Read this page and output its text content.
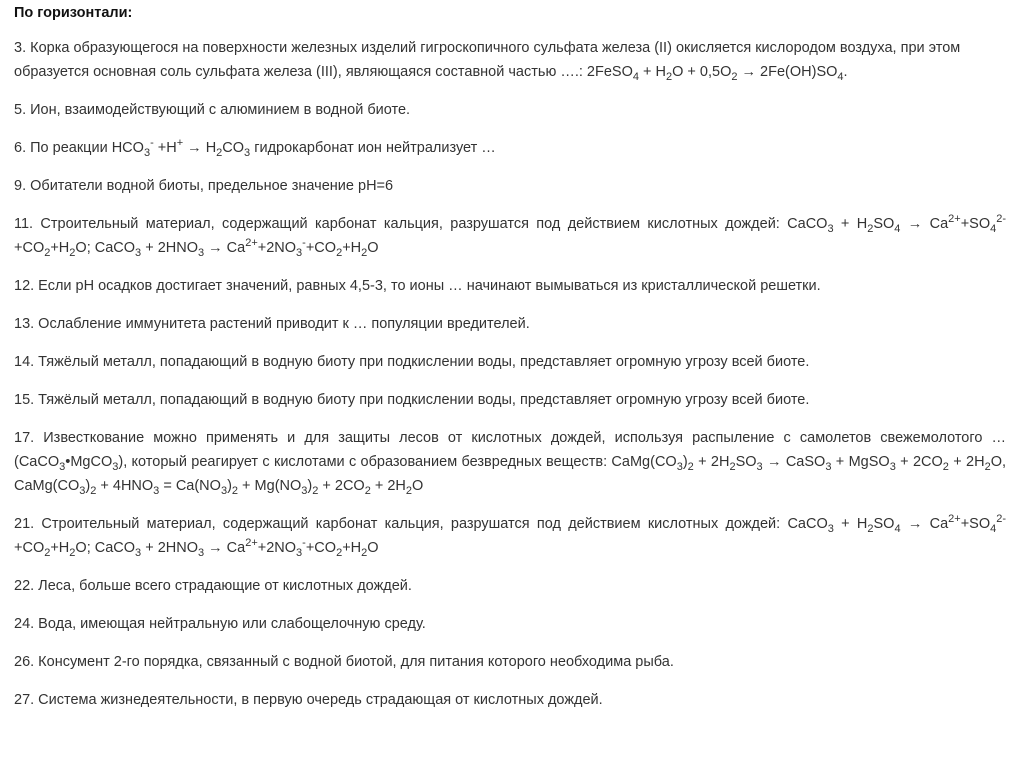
По горизонтали:

3. Корка образующегося на поверхности железных изделий гигроскопичного сульфата железа (II) окисляется кислородом воздуха, при этом образуется основная соль сульфата железа (III), являющаяся составной частью ….: 2FeSO$_4$ + $H_2O + 0,5O_2 \to 2Fe(OH)SO_4$.

5. Ион, взаимодействующий с алюминием в водной биоте.

6. По реакции $HCO_3^- +H^+ \to H_2CO_3$ гидрокарбонат ион нейтрализует …

9. Обитатели водной биоты, предельное значение pH=6

11. Строительный материал, содержащий карбонат кальция, разрушатся под действием кислотных дождей: CaCO$_3$ + $H_2SO_4 \to Ca^{2+}+SO_4^{2-}+CO_2+H_2O$; CaCO$_3$ + $2HNO_3 \to Ca^{2+}+2NO_3^-+CO_2+H_2O$

12. Если pH осадков достигает значений, равных 4,5-3, то ионы … начинают вымываться из кристаллической решетки.

13. Ослабление иммунитета растений приводит к … популяции вредителей.

14. Тяжёлый металл, попадающий в водную биоту при подкислении воды, представляет огромную угрозу всей биоте.

15. Тяжёлый металл, попадающий в водную биоту при подкислении воды, представляет огромную угрозу всей биоте.

17. Известкование можно применять и для защиты лесов от кислотных дождей, используя распыление с самолетов свежемолотого … (CaCO$_3$•MgCO$_3$), который реагирует с кислотами с образованием безвредных веществ: $CaMg(CO_3)_2 + 2H_2SO_3$ → CaSO$_3$ + MgSO$_3$ + $2CO_2 + 2H_2O$, $CaMg(CO_3)_2 + 4HNO_3 = Ca(NO_3)_2 + Mg(NO_3)_2 + 2CO_2 + 2H_2O$

21. Строительный материал, содержащий карбонат кальция, разрушатся под действием кислотных дождей: CaCO$_3$ + $H_2SO_4 \to Ca^{2+}+SO_4^{2-}+CO_2+H_2O$; CaCO$_3$ + $2HNO_3 \to Ca^{2+}+2NO_3^-+CO_2+H_2O$

22. Леса, больше всего страдающие от кислотных дождей.

24. Вода, имеющая нейтральную или слабощелочную среду.

26. Консумент 2-го порядка, связанный с водной биотой, для питания которого необходима рыба.

27. Система жизнедеятельности, в первую очередь страдающая от кислотных дождей.
